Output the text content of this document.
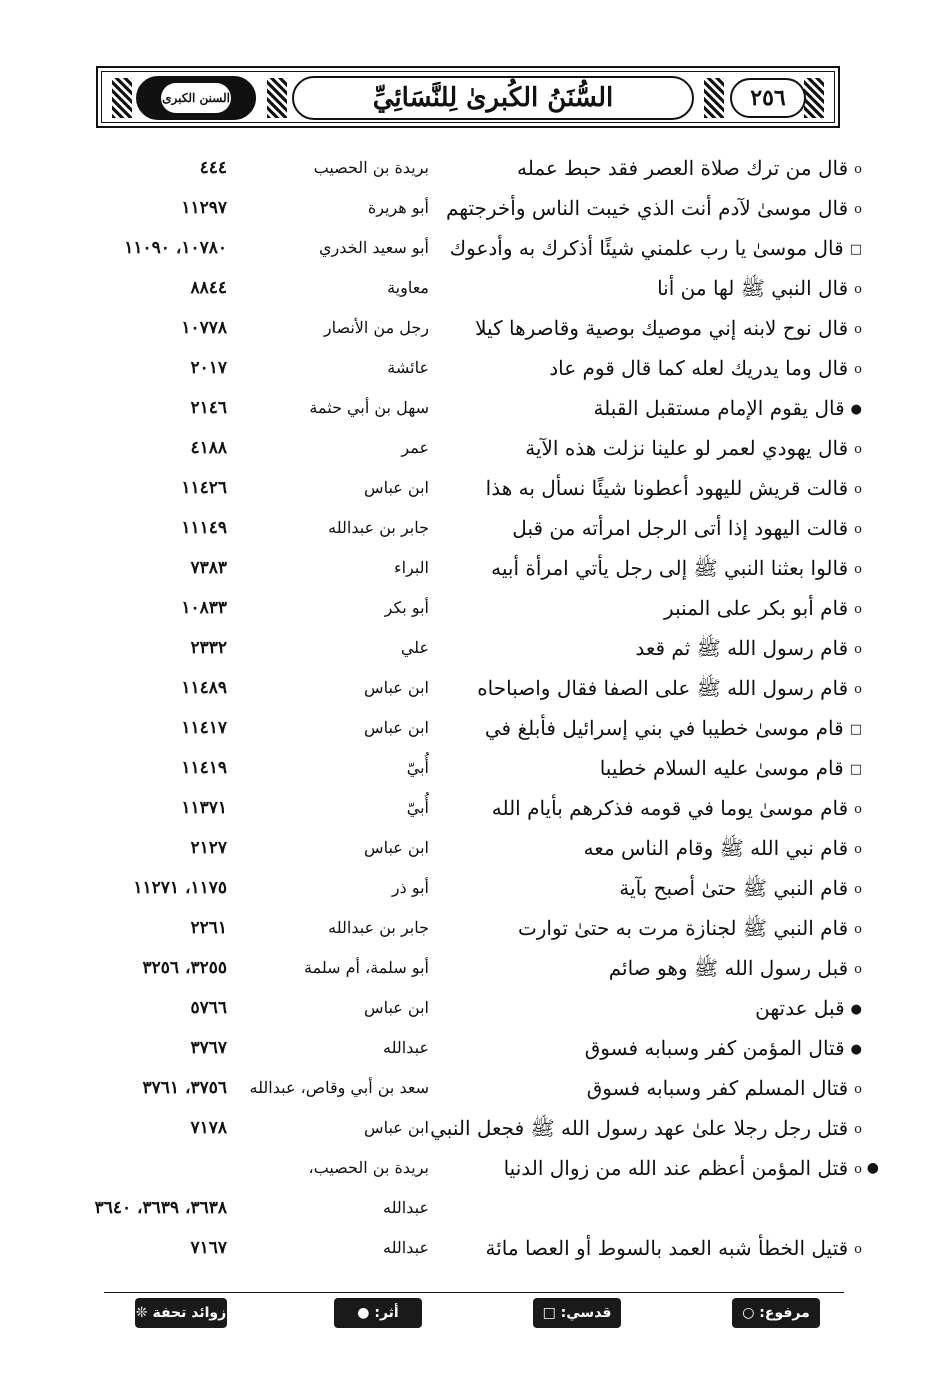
السنن الكبرى	السُّنَنُ الكُبرىٰ لِلنَّسَائِيِّ	٢٥٦
oقال من ترك صلاة العصر فقد حبط عمله
بريدة بن الحصيب
٤٤٤
oقال موسىٰ لآدم أنت الذي خيبت الناس وأخرجتهم
أبو هريرة
١١٢٩٧
□قال موسىٰ يا رب علمني شيئًا أذكرك به وأدعوك
أبو سعيد الخدري
١٠٧٨٠، ١١٠٩٠
oقال النبي ﷺ لها من أنا
معاوية
٨٨٤٤
oقال نوح لابنه إني موصيك بوصية وقاصرها كيلا
رجل من الأنصار
١٠٧٧٨
oقال وما يدريك لعله كما قال قوم عاد
عائشة
٢٠١٧
●قال يقوم الإمام مستقبل القبلة
سهل بن أبي حثمة
٢١٤٦
oقال يهودي لعمر لو علينا نزلت هذه الآية
عمر
٤١٨٨
oقالت قريش لليهود أعطونا شيئًا نسأل به هذا
ابن عباس
١١٤٢٦
oقالت اليهود إذا أتى الرجل امرأته من قبل
جابر بن عبدالله
١١١٤٩
oقالوا بعثنا النبي ﷺ إلى رجل يأتي امرأة أبيه
البراء
٧٣٨٣
oقام أبو بكر على المنبر
أبو بكر
١٠٨٣٣
oقام رسول الله ﷺ ثم قعد
علي
٢٣٣٢
oقام رسول الله ﷺ على الصفا فقال واصباحاه
ابن عباس
١١٤٨٩
□قام موسىٰ خطيبا في بني إسرائيل فأبلغ في
ابن عباس
١١٤١٧
□قام موسىٰ عليه السلام خطيبا
أُبيّ
١١٤١٩
oقام موسىٰ يوما في قومه فذكرهم بأيام الله
أُبيّ
١١٣٧١
oقام نبي الله ﷺ وقام الناس معه
ابن عباس
٢١٢٧
oقام النبي ﷺ حتىٰ أصبح بآية
أبو ذر
١١٧٥، ١١٢٧١
oقام النبي ﷺ لجنازة مرت به حتىٰ توارت
جابر بن عبدالله
٢٢٦١
oقبل رسول الله ﷺ وهو صائم
أبو سلمة، أم سلمة
٣٢٥٥، ٣٢٥٦
●قبل عدتهن
ابن عباس
٥٧٦٦
●قتال المؤمن كفر وسبابه فسوق
عبدالله
٣٧٦٧
oقتال المسلم كفر وسبابه فسوق
سعد بن أبي وقاص، عبدالله
٣٧٥٦، ٣٧٦١
oقتل رجل رجلا علىٰ عهد رسول الله ﷺ فجعل النبي
ابن عباس
٧١٧٨
●
oقتل المؤمن أعظم عند الله من زوال الدنيا
بريدة بن الحصيب،
عبدالله
٣٦٣٨، ٣٦٣٩، ٣٦٤٠
oقتيل الخطأ شبه العمد بالسوط أو العصا مائة
عبدالله
٧١٦٧
مرفوع: ○
قدسي: □
أثر: ●
زوائد تحفة ❊
